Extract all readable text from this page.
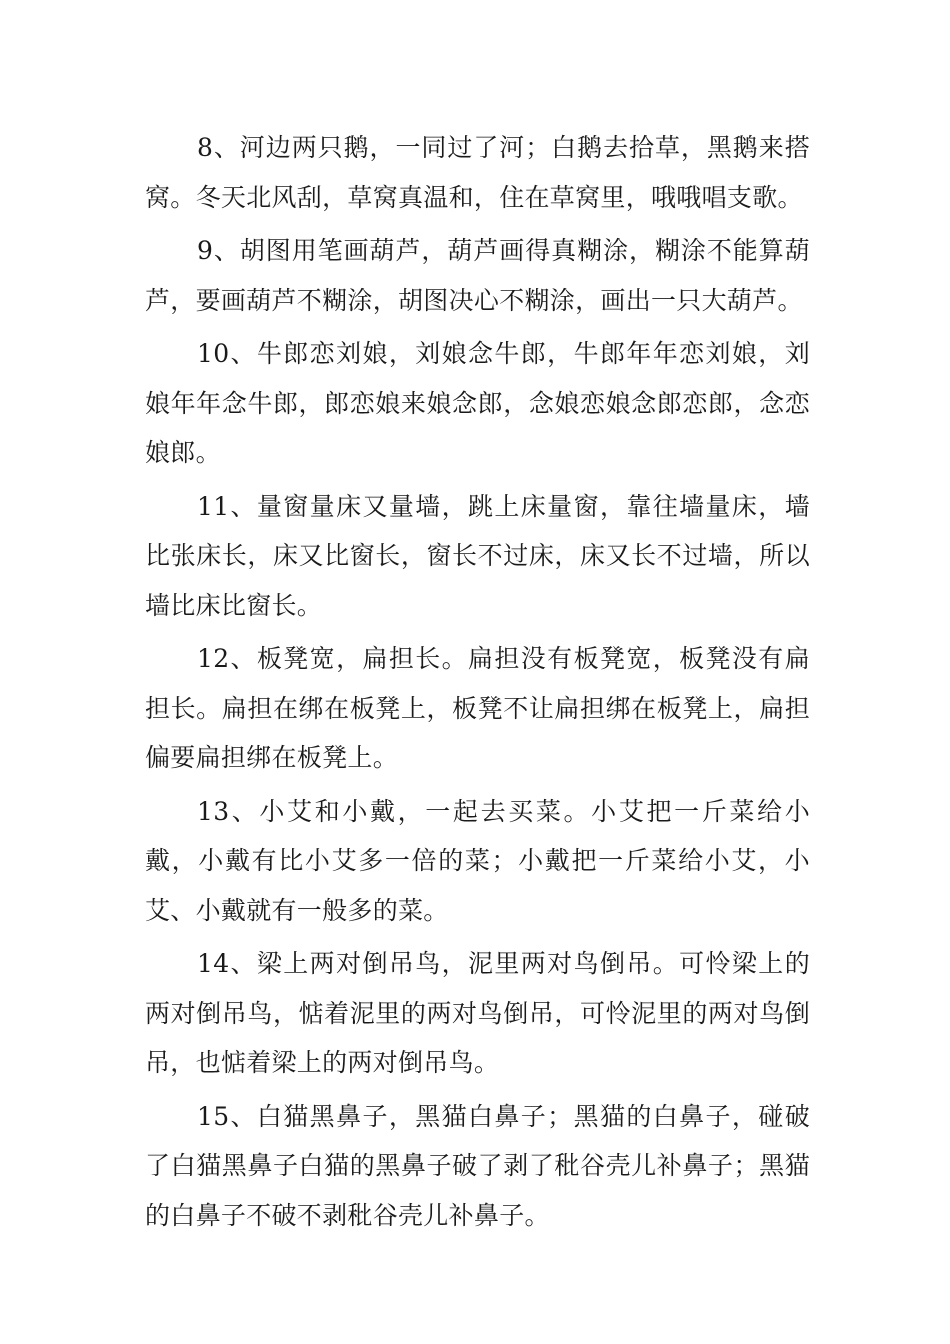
8、河边两只鹅，一同过了河；白鹅去拾草，黑鹅来搭窝。冬天北风刮，草窝真温和，住在草窝里，哦哦唱支歌。

9、胡图用笔画葫芦，葫芦画得真糊涂，糊涂不能算葫芦，要画葫芦不糊涂，胡图决心不糊涂，画出一只大葫芦。

10、牛郎恋刘娘，刘娘念牛郎，牛郎年年恋刘娘，刘娘年年念牛郎，郎恋娘来娘念郎，念娘恋娘念郎恋郎，念恋娘郎。

11、量窗量床又量墙，跳上床量窗，靠往墙量床，墙比张床长，床又比窗长，窗长不过床，床又长不过墙，所以墙比床比窗长。

12、板凳宽，扁担长。扁担没有板凳宽，板凳没有扁担长。扁担在绑在板凳上，板凳不让扁担绑在板凳上，扁担偏要扁担绑在板凳上。

13、小艾和小戴，一起去买菜。小艾把一斤菜给小戴，小戴有比小艾多一倍的菜；小戴把一斤菜给小艾，小艾、小戴就有一般多的菜。

14、梁上两对倒吊鸟，泥里两对鸟倒吊。可怜梁上的两对倒吊鸟，惦着泥里的两对鸟倒吊，可怜泥里的两对鸟倒吊，也惦着梁上的两对倒吊鸟。

15、白猫黑鼻子，黑猫白鼻子；黑猫的白鼻子，碰破了白猫黑鼻子白猫的黑鼻子破了剥了秕谷壳儿补鼻子；黑猫的白鼻子不破不剥秕谷壳儿补鼻子。
